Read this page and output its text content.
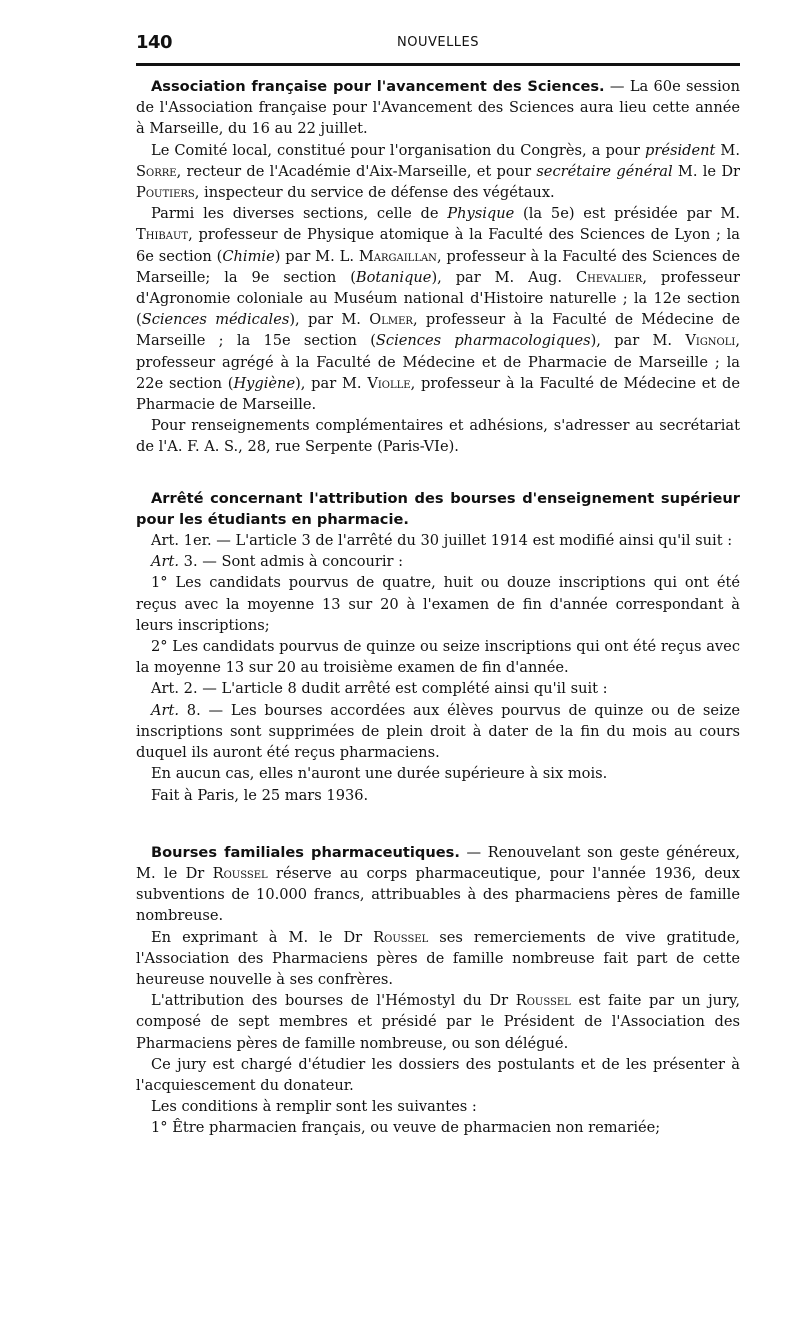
140	NOUVELLES

Association française pour l'avancement des Sciences. — La 60e session de l'Association française pour l'Avancement des Sciences aura lieu cette année à Marseille, du 16 au 22 juillet.

Le Comité local, constitué pour l'organisation du Congrès, a pour président M. Sorre, recteur de l'Académie d'Aix-Marseille, et pour secrétaire général M. le Dr Poutiers, inspecteur du service de défense des végétaux.

Parmi les diverses sections, celle de Physique (la 5e) est présidée par M. Thibaut, professeur de Physique atomique à la Faculté des Sciences de Lyon ; la 6e section (Chimie) par M. L. Margaillan, professeur à la Faculté des Sciences de Marseille; la 9e section (Botanique), par M. Aug. Chevalier, professeur d'Agronomie coloniale au Muséum national d'Histoire naturelle ; la 12e section (Sciences médicales), par M. Olmer, professeur à la Faculté de Médecine de Marseille ; la 15e section (Sciences pharmacologiques), par M. Vignoli, professeur agrégé à la Faculté de Médecine et de Pharmacie de Marseille ; la 22e section (Hygiène), par M. Violle, professeur à la Faculté de Médecine et de Pharmacie de Marseille.

Pour renseignements complémentaires et adhésions, s'adresser au secrétariat de l'A. F. A. S., 28, rue Serpente (Paris-VIe).

Arrêté concernant l'attribution des bourses d'enseignement supérieur pour les étudiants en pharmacie.

Art. 1er. — L'article 3 de l'arrêté du 30 juillet 1914 est modifié ainsi qu'il suit :

Art. 3. — Sont admis à concourir :

1° Les candidats pourvus de quatre, huit ou douze inscriptions qui ont été reçus avec la moyenne 13 sur 20 à l'examen de fin d'année correspondant à leurs inscriptions;

2° Les candidats pourvus de quinze ou seize inscriptions qui ont été reçus avec la moyenne 13 sur 20 au troisième examen de fin d'année.

Art. 2. — L'article 8 dudit arrêté est complété ainsi qu'il suit :

Art. 8. — Les bourses accordées aux élèves pourvus de quinze ou de seize inscriptions sont supprimées de plein droit à dater de la fin du mois au cours duquel ils auront été reçus pharmaciens.

En aucun cas, elles n'auront une durée supérieure à six mois.

Fait à Paris, le 25 mars 1936.

Bourses familiales pharmaceutiques. — Renouvelant son geste généreux, M. le Dr Roussel réserve au corps pharmaceutique, pour l'année 1936, deux subventions de 10.000 francs, attribuables à des pharmaciens pères de famille nombreuse.

En exprimant à M. le Dr Roussel ses remerciements de vive gratitude, l'Association des Pharmaciens pères de famille nombreuse fait part de cette heureuse nouvelle à ses confrères.

L'attribution des bourses de l'Hémostyl du Dr Roussel est faite par un jury, composé de sept membres et présidé par le Président de l'Association des Pharmaciens pères de famille nombreuse, ou son délégué.

Ce jury est chargé d'étudier les dossiers des postulants et de les présenter à l'acquiescement du donateur.

Les conditions à remplir sont les suivantes :

1° Être pharmacien français, ou veuve de pharmacien non remariée;
